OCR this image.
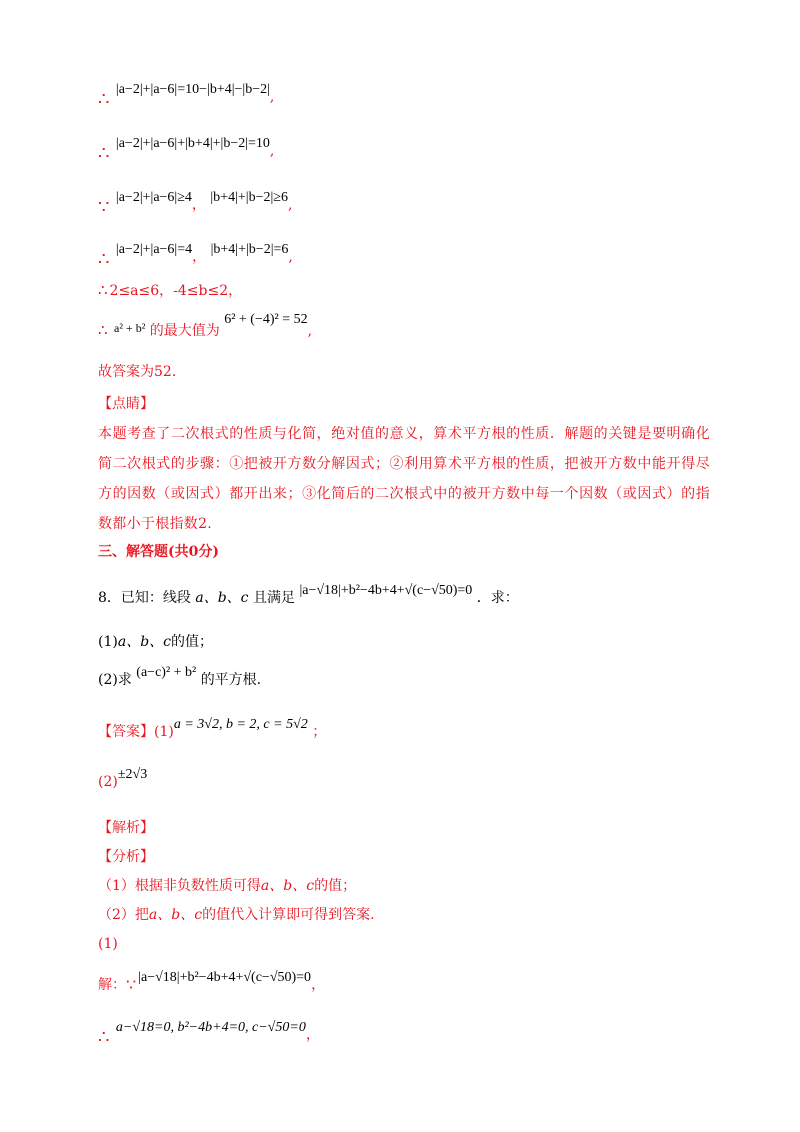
∴ |a−2|+|a−6|=10−|b+4|−|b−2|,
∴ |a−2|+|a−6|+|b+4|+|b−2|=10,
∵ |a−2|+|a−6|≥4， |b+4|+|b−2|≥6,
∴ |a−2|+|a−6|=4， |b+4|+|b−2|=6,
∴ 2≤a≤6，-4≤b≤2，
∴ a² + b² 的最大值为 6² + (−4)² = 52,
故答案为52．
【点睛】
本题考查了二次根式的性质与化简，绝对值的意义，算术平方根的性质．解题的关键是要明确化简二次根式的步骤：①把被开方数分解因式；②利用算术平方根的性质，把被开方数中能开得尽方的因数（或因式）都开出来；③化简后的二次根式中的被开方数中每一个因数（或因式）的指数都小于根指数2.
三、解答题(共0分)
8．已知：线段 a、b、c 且满足 |a−√18|+b²−4b+4+√(c−√50)=0 ．求：
(1)a、b、c的值；
(2)求 (a−c)² + b² 的平方根.
【答案】(1)a = 3√2, b = 2, c = 5√2 ；
(2)±2√3
【解析】
【分析】
（1）根据非负数性质可得a、b、c的值；
（2）把a、b、c的值代入计算即可得到答案.
(1)
解：∵ |a−√18|+b²−4b+4+√(c−√50)=0，
∴ a−√18=0, b²−4b+4=0, c−√50=0，
